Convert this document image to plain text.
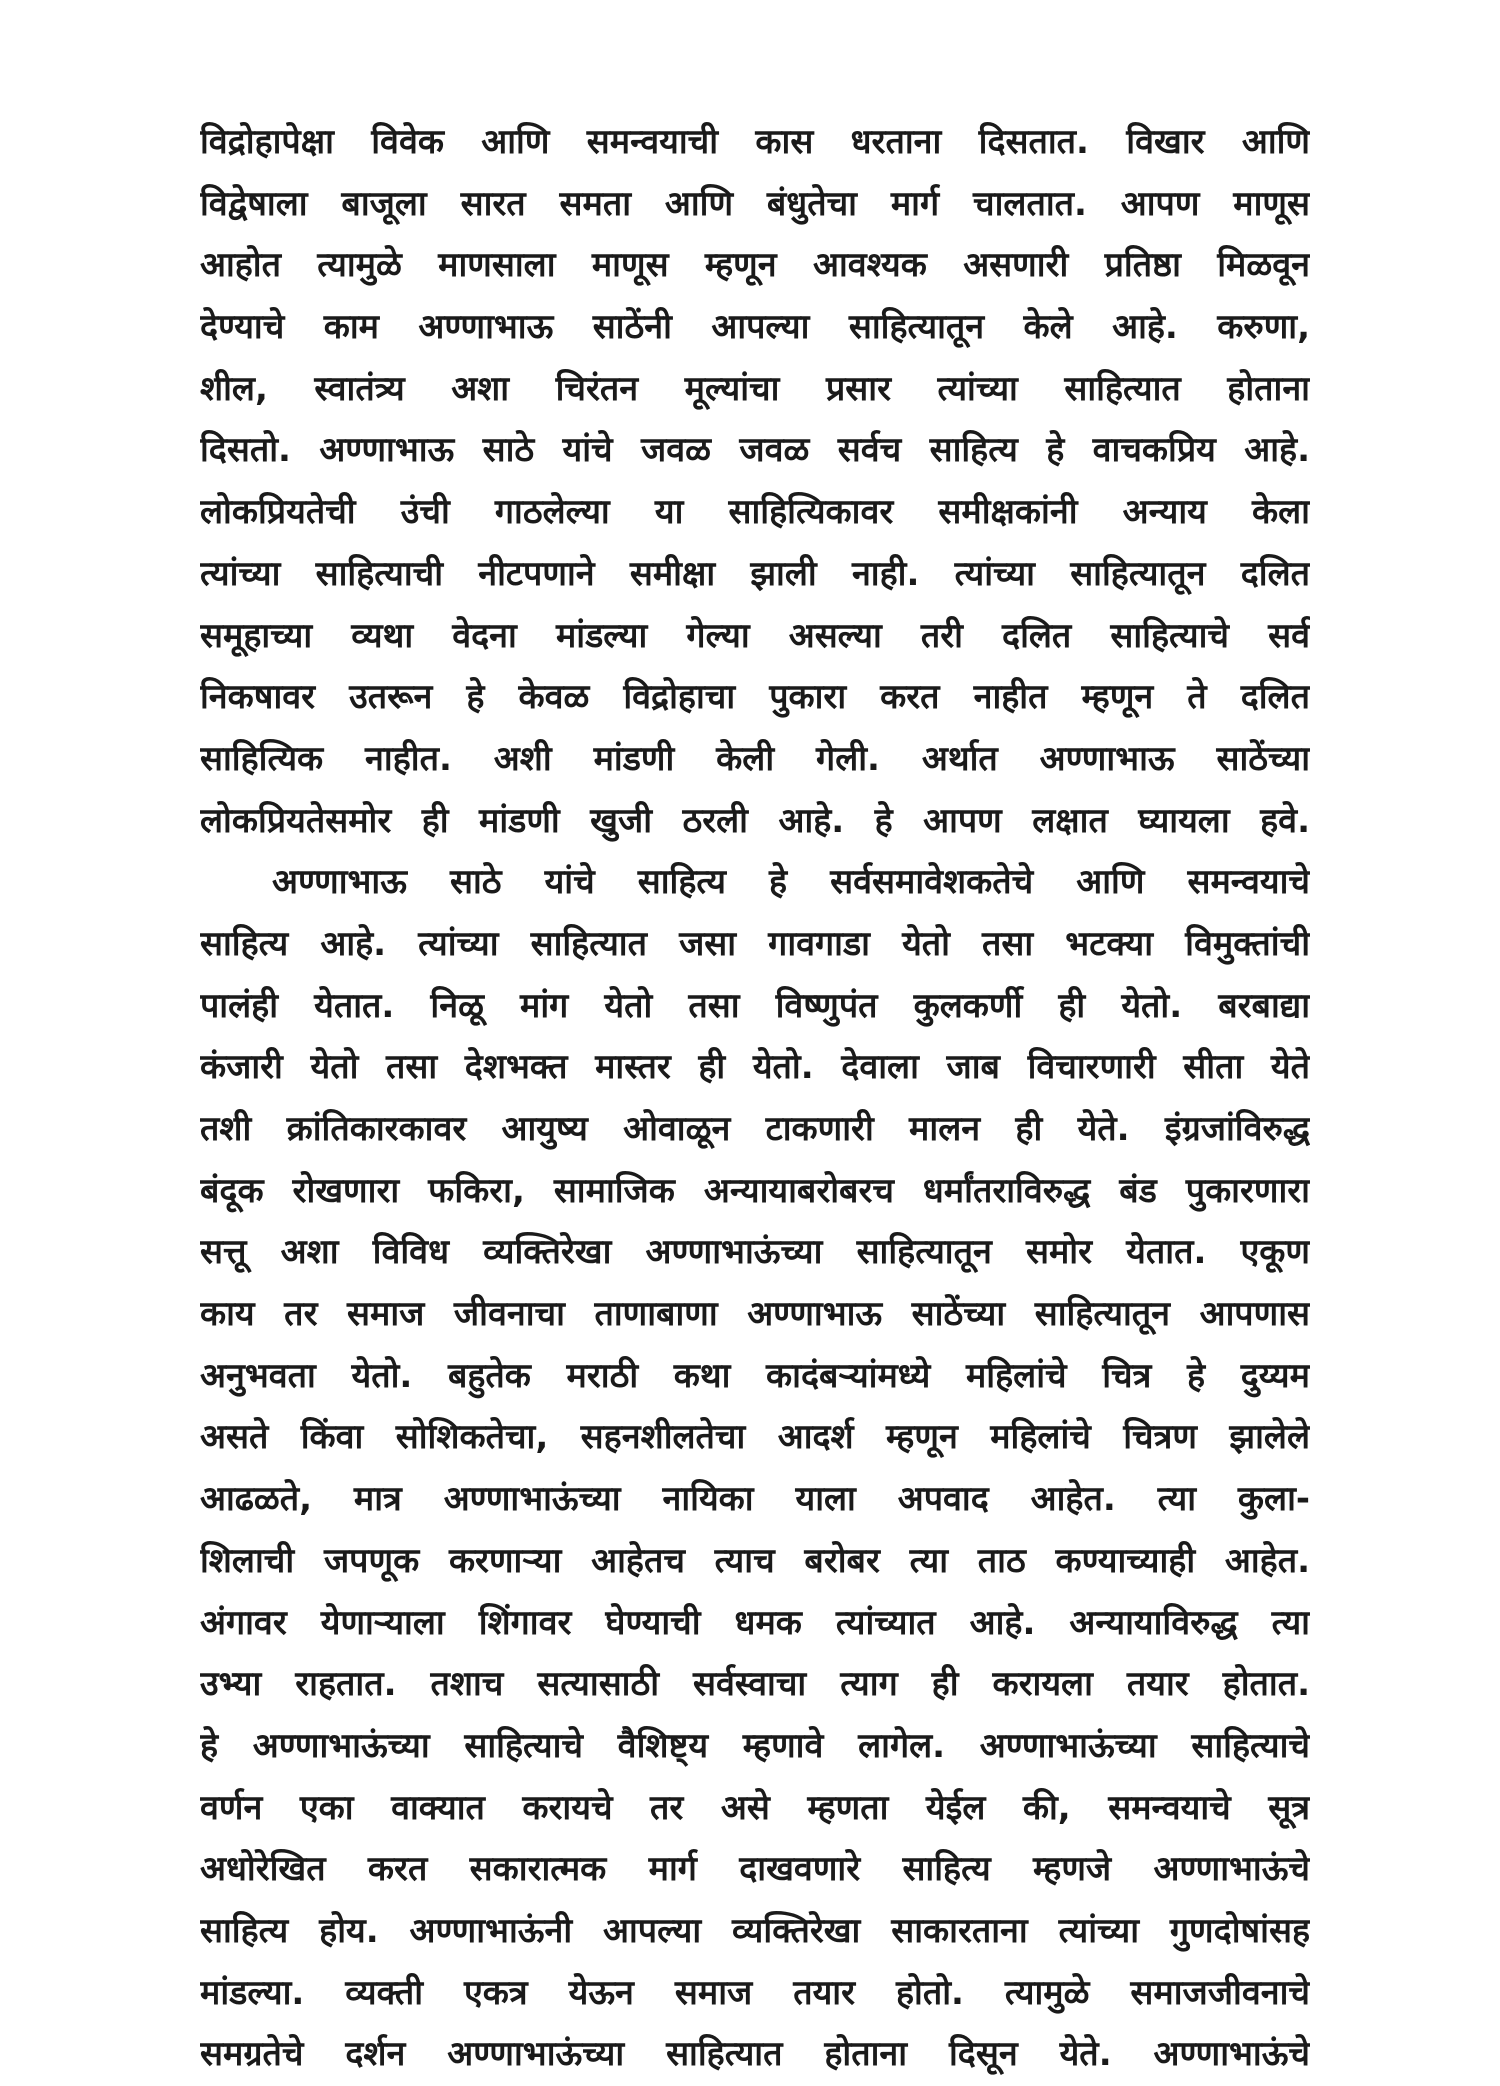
विद्रोहापेक्षा विवेक आणि समन्वयाची कास धरताना दिसतात. विखार आणि
विद्वेषाला बाजूला सारत समता आणि बंधुतेचा मार्ग चालतात. आपण माणूस
आहोत त्यामुळे माणसाला माणूस म्हणून आवश्यक असणारी प्रतिष्ठा मिळवून
देण्याचे काम अण्णाभाऊ साठेंनी आपल्या साहित्यातून केले आहे. करुणा,
शील, स्वातंत्र्य अशा चिरंतन मूल्यांचा प्रसार त्यांच्या साहित्यात होताना
दिसतो. अण्णाभाऊ साठे यांचे जवळ जवळ सर्वच साहित्य हे वाचकप्रिय आहे.
लोकप्रियतेची उंची गाठलेल्या या साहित्यिकावर समीक्षकांनी अन्याय केला
त्यांच्या साहित्याची नीटपणाने समीक्षा झाली नाही. त्यांच्या साहित्यातून दलित
समूहाच्या व्यथा वेदना मांडल्या गेल्या असल्या तरी दलित साहित्याचे सर्व
निकषावर उतरून हे केवळ विद्रोहाचा पुकारा करत नाहीत म्हणून ते दलित
साहित्यिक नाहीत. अशी मांडणी केली गेली. अर्थात अण्णाभाऊ साठेंच्या
लोकप्रियतेसमोर ही मांडणी खुजी ठरली आहे. हे आपण लक्षात घ्यायला हवे.
अण्णाभाऊ साठे यांचे साहित्य हे सर्वसमावेशकतेचे आणि समन्वयाचे
साहित्य आहे. त्यांच्या साहित्यात जसा गावगाडा येतो तसा भटक्या विमुक्तांची
पालंही येतात. निळू मांग येतो तसा विष्णुपंत कुलकर्णी ही येतो. बरबाद्या
कंजारी येतो तसा देशभक्त मास्तर ही येतो. देवाला जाब विचारणारी सीता येते
तशी क्रांतिकारकावर आयुष्य ओवाळून टाकणारी मालन ही येते. इंग्रजांविरुद्ध
बंदूक रोखणारा फकिरा, सामाजिक अन्यायाबरोबरच धर्मांतराविरुद्ध बंड पुकारणारा
सत्तू अशा विविध व्यक्तिरेखा अण्णाभाऊंच्या साहित्यातून समोर येतात. एकूण
काय तर समाज जीवनाचा ताणाबाणा अण्णाभाऊ साठेंच्या साहित्यातून आपणास
अनुभवता येतो. बहुतेक मराठी कथा कादंबऱ्यांमध्ये महिलांचे चित्र हे दुय्यम
असते किंवा सोशिकतेचा, सहनशीलतेचा आदर्श म्हणून महिलांचे चित्रण झालेले
आढळते, मात्र अण्णाभाऊंच्या नायिका याला अपवाद आहेत. त्या कुला-
शिलाची जपणूक करणाऱ्या आहेतच त्याच बरोबर त्या ताठ कण्याच्याही आहेत.
अंगावर येणाऱ्याला शिंगावर घेण्याची धमक त्यांच्यात आहे. अन्यायाविरुद्ध त्या
उभ्या राहतात. तशाच सत्यासाठी सर्वस्वाचा त्याग ही करायला तयार होतात.
हे अण्णाभाऊंच्या साहित्याचे वैशिष्ट्य म्हणावे लागेल. अण्णाभाऊंच्या साहित्याचे
वर्णन एका वाक्यात करायचे तर असे म्हणता येईल की, समन्वयाचे सूत्र
अधोरेखित करत सकारात्मक मार्ग दाखवणारे साहित्य म्हणजे अण्णाभाऊंचे
साहित्य होय. अण्णाभाऊंनी आपल्या व्यक्तिरेखा साकारताना त्यांच्या गुणदोषांसह
मांडल्या. व्यक्ती एकत्र येऊन समाज तयार होतो. त्यामुळे समाजजीवनाचे
समग्रतेचे दर्शन अण्णाभाऊंच्या साहित्यात होताना दिसून येते. अण्णाभाऊंचे
